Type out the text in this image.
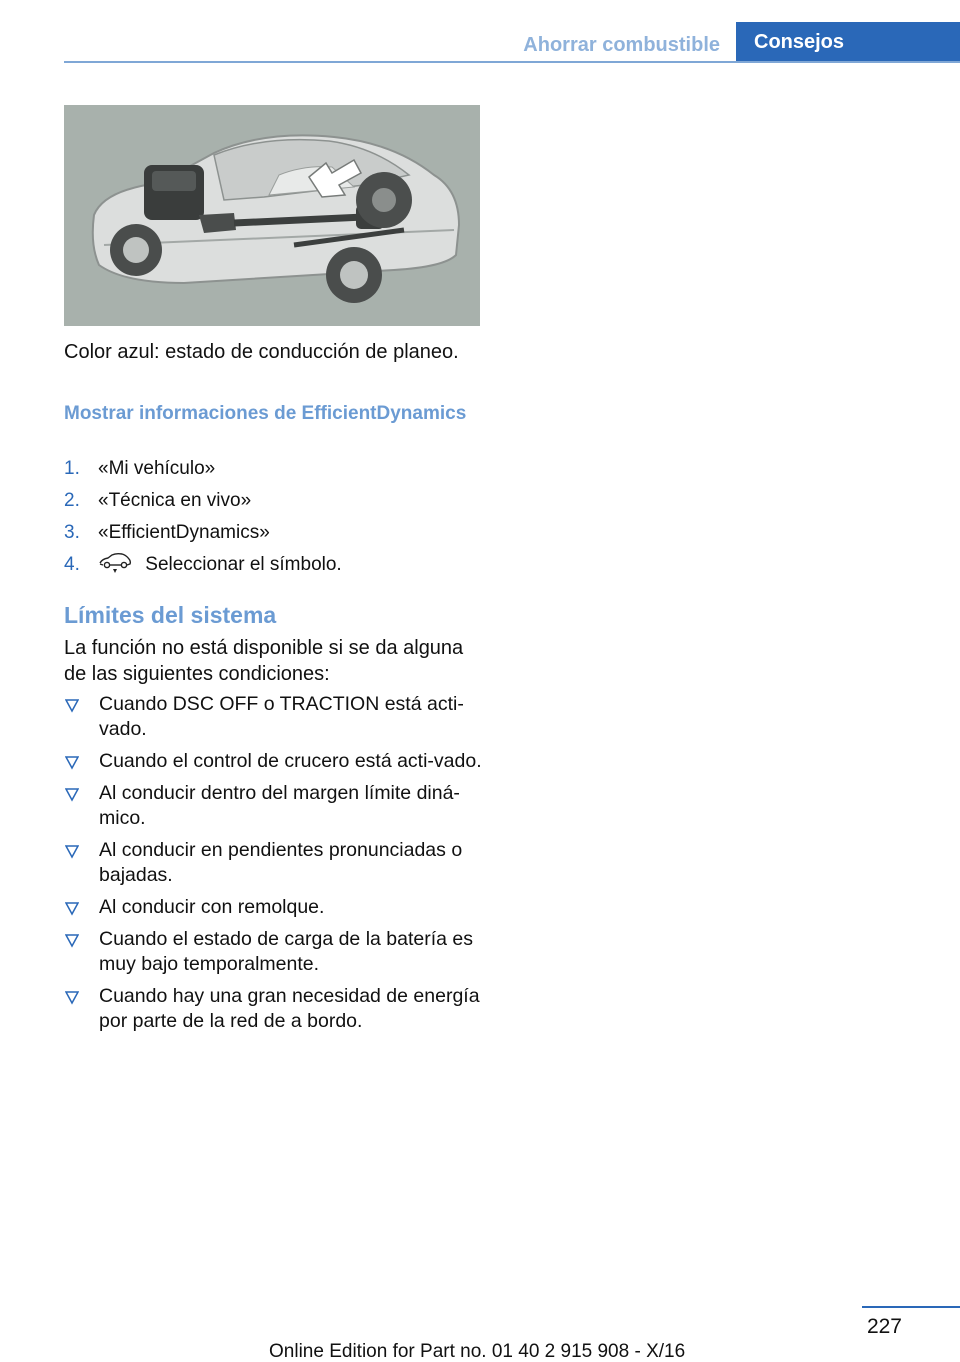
Ahorrar combustible	Consejos
Color azul: estado de conducción de planeo.
Mostrar informaciones de EfficientDynamics
1. «Mi vehículo»
2. «Técnica en vivo»
3. «EfficientDynamics»
4.	Seleccionar el símbolo.
Límites del sistema
La función no está disponible si se da alguna de las siguientes condiciones:
Cuando DSC OFF o TRACTION está acti‐vado.
Cuando el control de crucero está acti‐vado.
Al conducir dentro del margen límite diná‐mico.
Al conducir en pendientes pronunciadas o bajadas.
Al conducir con remolque.
Cuando el estado de carga de la batería es muy bajo temporalmente.
Cuando hay una gran necesidad de energía por parte de la red de a bordo.
227
Online Edition for Part no. 01 40 2 915 908 - X/16
